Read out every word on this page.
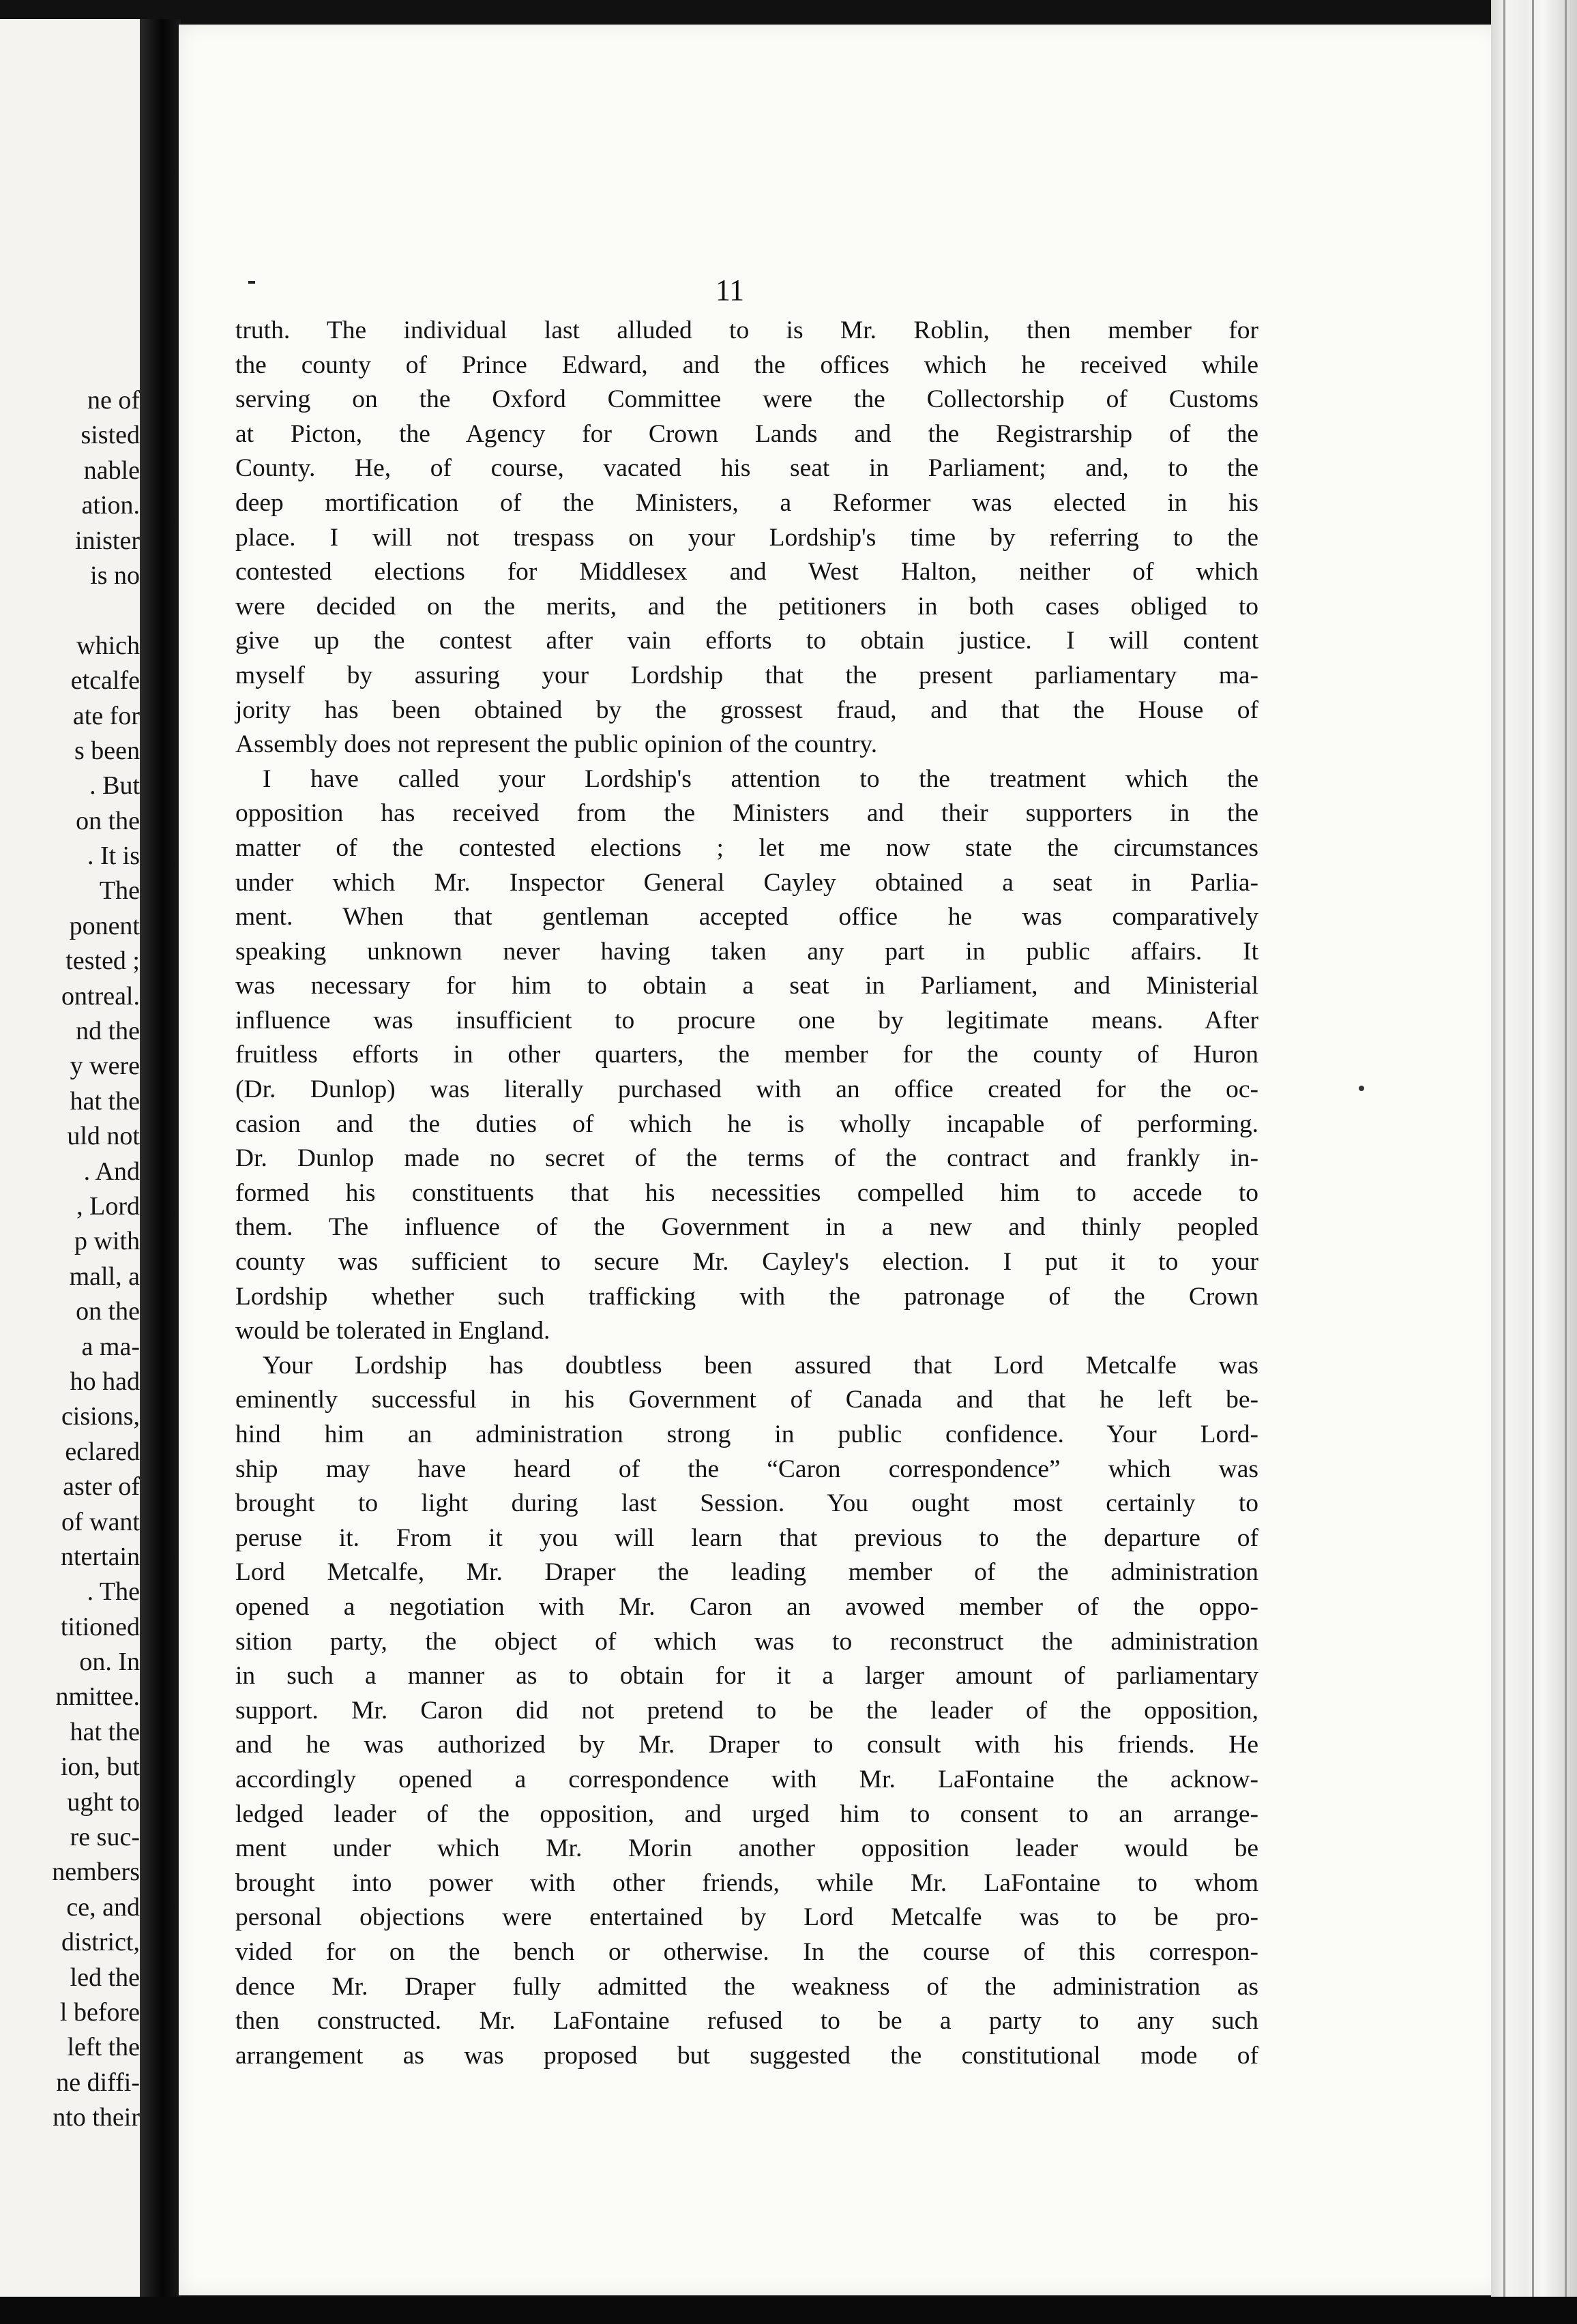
ne of
sisted
nable
ation.
inister
is no
which
etcalfe
ate for
s been
. But
on the
. It is
The
ponent
tested ;
ontreal.
nd the
y were
hat the
uld not
. And
, Lord
p with
mall, a
on the
a ma-
ho had
cisions,
eclared
aster of
of want
ntertain
. The
titioned
on. In
nmittee.
hat the
ion, but
ught to
re suc-
nembers
ce, and
district,
led the
l before
left the
ne diffi-
nto their
11
truth. The individual last alluded to is Mr. Roblin, then member for
the county of Prince Edward, and the offices which he received while
serving on the Oxford Committee were the Collectorship of Customs
at Picton, the Agency for Crown Lands and the Registrarship of the
County. He, of course, vacated his seat in Parliament; and, to the
deep mortification of the Ministers, a Reformer was elected in his
place. I will not trespass on your Lordship's time by referring to the
contested elections for Middlesex and West Halton, neither of which
were decided on the merits, and the petitioners in both cases obliged to
give up the contest after vain efforts to obtain justice. I will content
myself by assuring your Lordship that the present parliamentary ma-
jority has been obtained by the grossest fraud, and that the House of
Assembly does not represent the public opinion of the country.
I have called your Lordship's attention to the treatment which the
opposition has received from the Ministers and their supporters in the
matter of the contested elections ; let me now state the circumstances
under which Mr. Inspector General Cayley obtained a seat in Parlia-
ment. When that gentleman accepted office he was comparatively
speaking unknown never having taken any part in public affairs. It
was necessary for him to obtain a seat in Parliament, and Ministerial
influence was insufficient to procure one by legitimate means. After
fruitless efforts in other quarters, the member for the county of Huron
(Dr. Dunlop) was literally purchased with an office created for the oc-
casion and the duties of which he is wholly incapable of performing.
Dr. Dunlop made no secret of the terms of the contract and frankly in-
formed his constituents that his necessities compelled him to accede to
them. The influence of the Government in a new and thinly peopled
county was sufficient to secure Mr. Cayley's election. I put it to your
Lordship whether such trafficking with the patronage of the Crown
would be tolerated in England.
Your Lordship has doubtless been assured that Lord Metcalfe was
eminently successful in his Government of Canada and that he left be-
hind him an administration strong in public confidence. Your Lord-
ship may have heard of the “Caron correspondence” which was
brought to light during last Session. You ought most certainly to
peruse it. From it you will learn that previous to the departure of
Lord Metcalfe, Mr. Draper the leading member of the administration
opened a negotiation with Mr. Caron an avowed member of the oppo-
sition party, the object of which was to reconstruct the administration
in such a manner as to obtain for it a larger amount of parliamentary
support. Mr. Caron did not pretend to be the leader of the opposition,
and he was authorized by Mr. Draper to consult with his friends. He
accordingly opened a correspondence with Mr. LaFontaine the acknow-
ledged leader of the opposition, and urged him to consent to an arrange-
ment under which Mr. Morin another opposition leader would be
brought into power with other friends, while Mr. LaFontaine to whom
personal objections were entertained by Lord Metcalfe was to be pro-
vided for on the bench or otherwise. In the course of this correspon-
dence Mr. Draper fully admitted the weakness of the administration as
then constructed. Mr. LaFontaine refused to be a party to any such
arrangement as was proposed but suggested the constitutional mode of
